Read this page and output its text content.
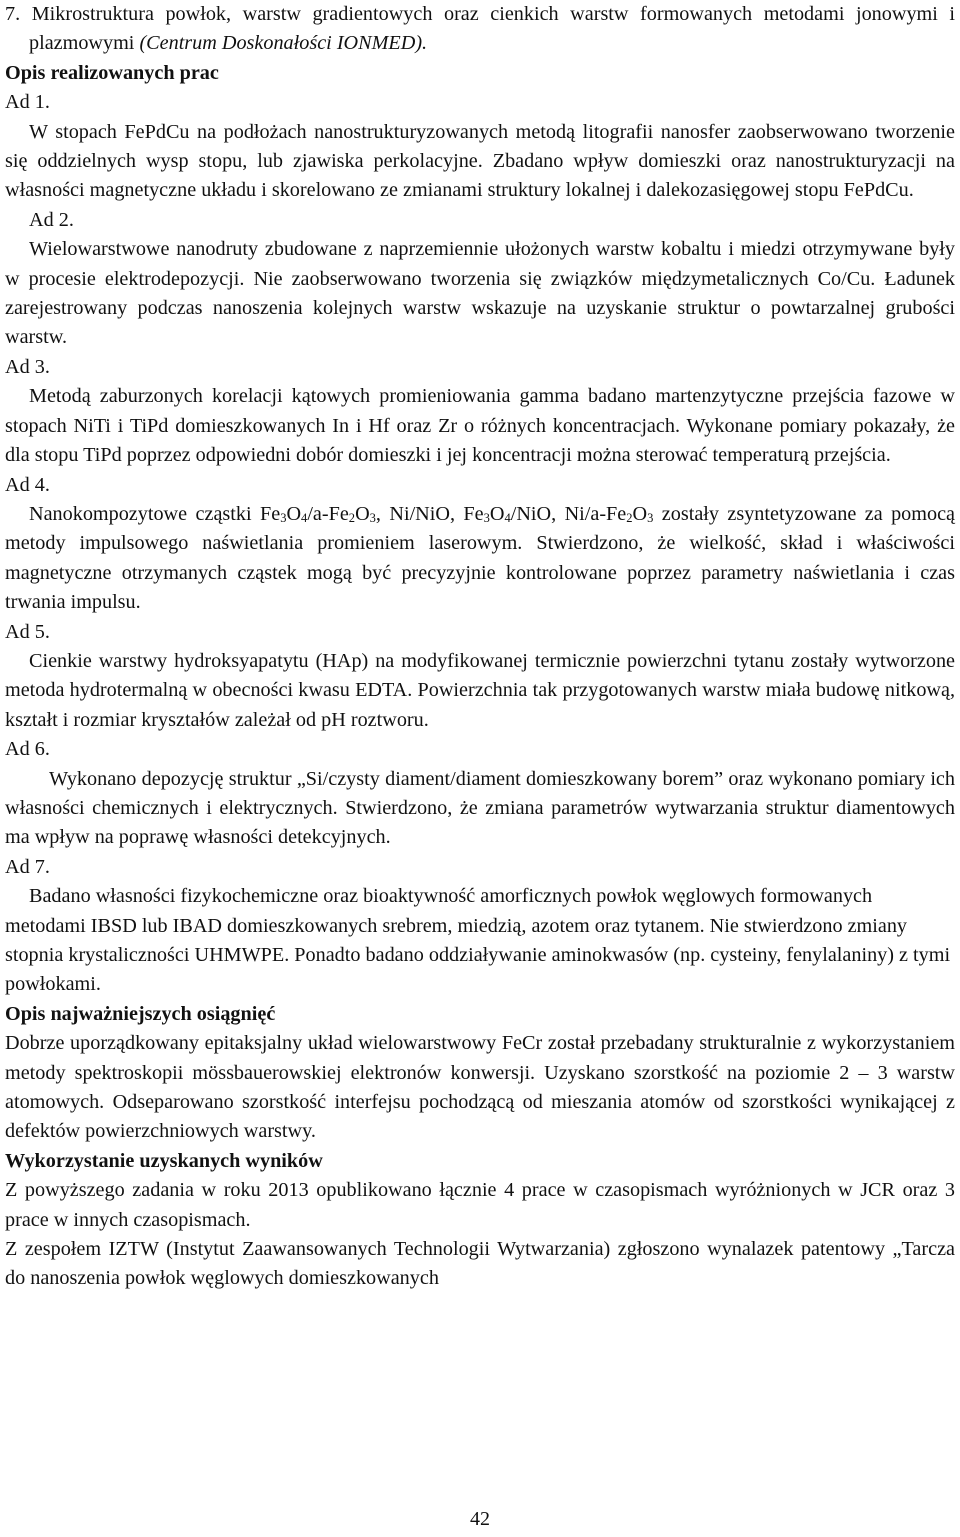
7. Mikrostruktura powłok, warstw gradientowych oraz cienkich warstw formowanych metodami jonowymi i plazmowymi (Centrum Doskonałości IONMED).

Opis realizowanych prac

Ad 1.

W stopach FePdCu na podłożach nanostrukturyzowanych metodą litografii nanosfer zaobserwowano tworzenie się oddzielnych wysp stopu, lub zjawiska perkolacyjne. Zbadano wpływ domieszki oraz nanostrukturyzacji na własności magnetyczne układu i skorelowano ze zmianami struktury lokalnej i dalekozasięgowej stopu FePdCu.

Ad 2.

Wielowarstwowe nanodruty zbudowane z naprzemiennie ułożonych warstw kobaltu i miedzi otrzymywane były w procesie elektrodepozycji. Nie zaobserwowano tworzenia się związków międzymetalicznych Co/Cu. Ładunek zarejestrowany podczas nanoszenia kolejnych warstw wskazuje na uzyskanie struktur o powtarzalnej grubości warstw.

Ad 3.

Metodą zaburzonych korelacji kątowych promieniowania gamma badano martenzytyczne przejścia fazowe w stopach NiTi i TiPd domieszkowanych In i Hf oraz Zr o różnych koncentracjach. Wykonane pomiary pokazały, że dla stopu TiPd poprzez odpowiedni dobór domieszki i jej koncentracji można sterować temperaturą przejścia.

Ad 4.

Nanokompozytowe cząstki $Fe_3O_4/a-Fe_2O_3$, Ni/NiO, $Fe_3O_4$/NiO, $Ni/a-Fe_2O_3$ zostały zsyntetyzowane za pomocą metody impulsowego naświetlania promieniem laserowym. Stwierdzono, że wielkość, skład i właściwości magnetyczne otrzymanych cząstek mogą być precyzyjnie kontrolowane poprzez parametry naświetlania i czas trwania impulsu.

Ad 5.

Cienkie warstwy hydroksyapatytu (HAp) na modyfikowanej termicznie powierzchni tytanu zostały wytworzone metoda hydrotermalną w obecności kwasu EDTA. Powierzchnia tak przygotowanych warstw miała budowę nitkową, kształt i rozmiar kryształów zależał od pH roztworu.

Ad 6.

Wykonano depozycję struktur „Si/czysty diament/diament domieszkowany borem” oraz wykonano pomiary ich własności chemicznych i elektrycznych. Stwierdzono, że zmiana parametrów wytwarzania struktur diamentowych ma wpływ na poprawę własności detekcyjnych.

Ad 7.

Badano własności fizykochemiczne oraz bioaktywność amorficznych powłok węglowych formowanych metodami IBSD lub IBAD domieszkowanych srebrem, miedzią, azotem oraz tytanem. Nie stwierdzono zmiany stopnia krystaliczności UHMWPE. Ponadto badano oddziaływanie aminokwasów (np. cysteiny, fenylalaniny) z tymi powłokami.

Opis najważniejszych osiągnięć

Dobrze uporządkowany epitaksjalny układ wielowarstwowy FeCr został przebadany strukturalnie z wykorzystaniem metody spektroskopii mössbauerowskiej elektronów konwersji. Uzyskano szorstkość na poziomie 2 – 3 warstw atomowych. Odseparowano szorstkość interfejsu pochodzącą od mieszania atomów od szorstkości wynikającej z defektów powierzchniowych warstwy.

Wykorzystanie uzyskanych wyników

Z powyższego zadania w roku 2013 opublikowano łącznie 4 prace w czasopismach wyróżnionych w JCR oraz 3 prace w innych czasopismach.

Z zespołem IZTW (Instytut Zaawansowanych Technologii Wytwarzania) zgłoszono wynalazek patentowy „Tarcza do nanoszenia powłok węglowych domieszkowanych

42
